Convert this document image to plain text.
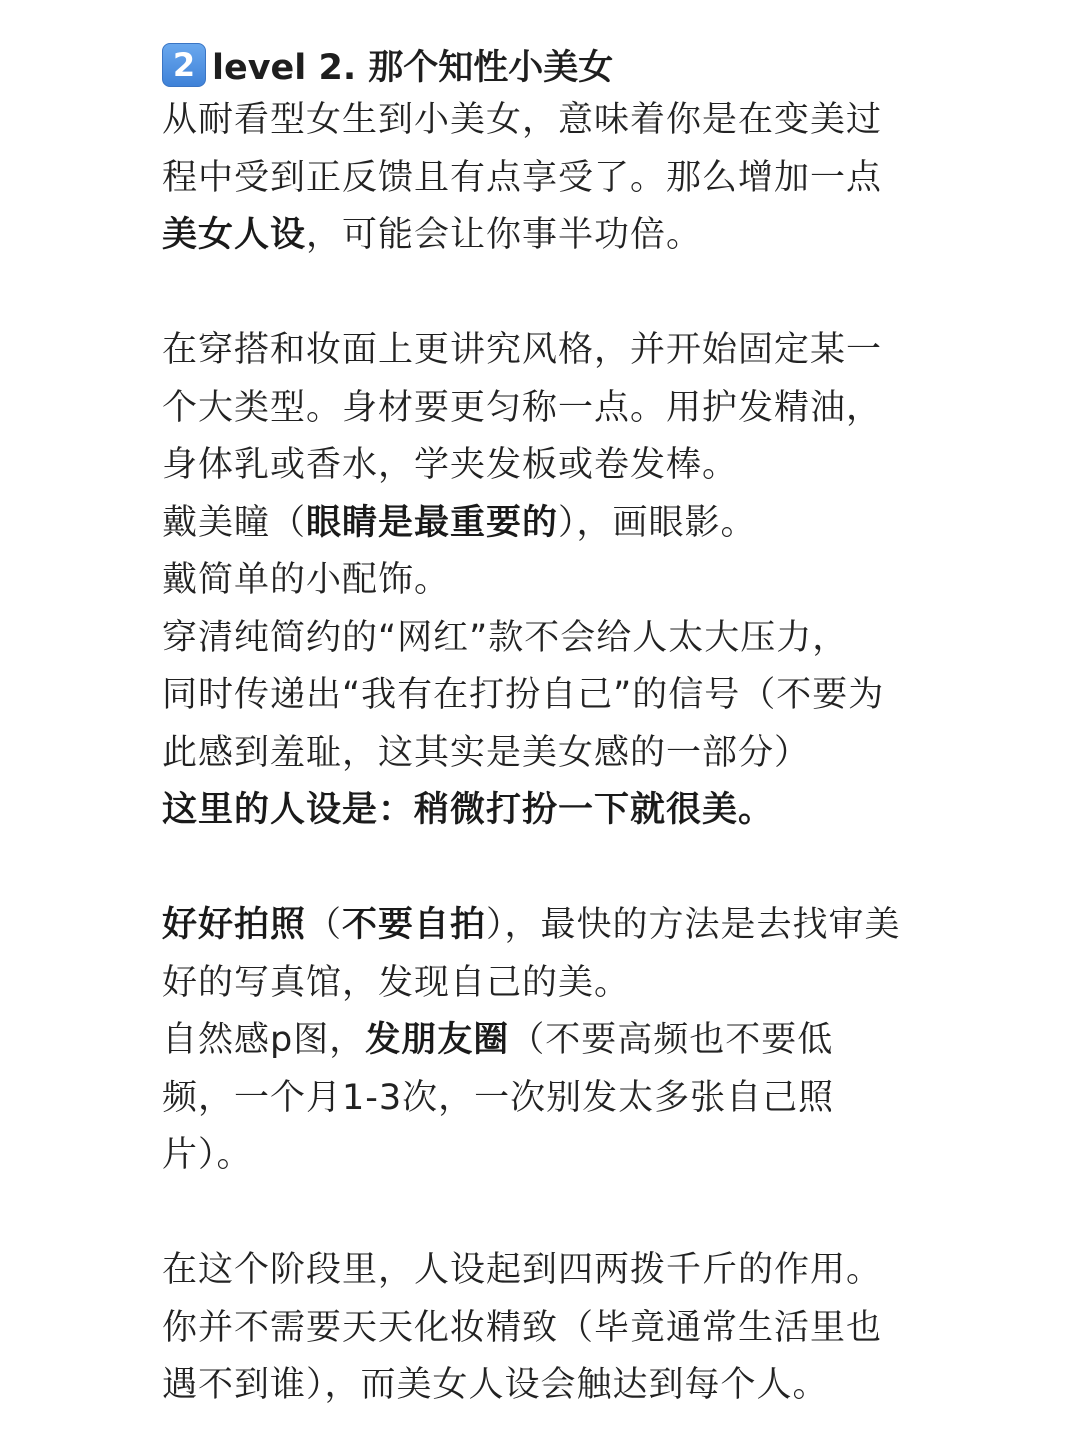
2 level 2. 那个知性小美女
从耐看型女生到小美女，意味着你是在变美过
程中受到正反馈且有点享受了。那么增加一点
美女人设，可能会让你事半功倍。
在穿搭和妆面上更讲究风格，并开始固定某一
个大类型。身材要更匀称一点。用护发精油，
身体乳或香水，学夹发板或卷发棒。
戴美瞳（眼睛是最重要的），画眼影。
戴简单的小配饰。
穿清纯简约的“网红”款不会给人太大压力，
同时传递出“我有在打扮自己”的信号（不要为
此感到羞耻，这其实是美女感的一部分）
这里的人设是：稍微打扮一下就很美。
好好拍照（不要自拍），最快的方法是去找审美
好的写真馆，发现自己的美。
自然感p图，发朋友圈（不要高频也不要低
频，一个月1-3次，一次别发太多张自己照
片）。
在这个阶段里，人设起到四两拨千斤的作用。
你并不需要天天化妆精致（毕竟通常生活里也
遇不到谁），而美女人设会触达到每个人。
